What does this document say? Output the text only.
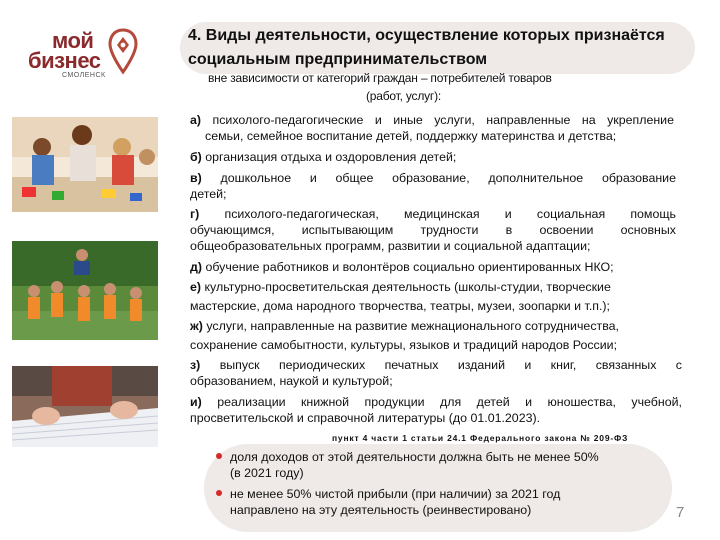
мой
бизнес
СМОЛЕНСК
4. Виды деятельности, осуществление которых признаётся социальным предпринимательством
вне зависимости от категорий граждан – потребителей товаров
(работ, услуг):
а) психолого-педагогические и иные услуги, направленные на укрепление
семьи, семейное воспитание детей, поддержку материнства и детства;
б) организация отдыха и оздоровления детей;
в) дошкольное и общее образование, дополнительное образование
детей;
г) психолого-педагогическая, медицинская и социальная помощь
обучающимся, испытывающим трудности в освоении основных
общеобразовательных программ, развитии и социальной адаптации;
д) обучение работников и волонтёров социально ориентированных НКО;
е) культурно-просветительская деятельность (школы-студии, творческие
мастерские, дома народного творчества, театры, музеи, зоопарки и т.п.);
ж) услуги, направленные на развитие межнационального сотрудничества,
сохранение самобытности, культуры, языков и традиций народов России;
з) выпуск периодических печатных изданий и книг, связанных с
образованием, наукой и культурой;
и) реализации книжной продукции для детей и юношества, учебной,
просветительской и справочной литературы (до 01.01.2023).
пункт 4 части 1 статьи 24.1 Федерального закона № 209-ФЗ
доля доходов от этой деятельности должна быть не менее 50%
(в 2021 году)
не менее 50% чистой прибыли (при наличии) за 2021 год
направлено на эту деятельность (реинвестировано)	7
